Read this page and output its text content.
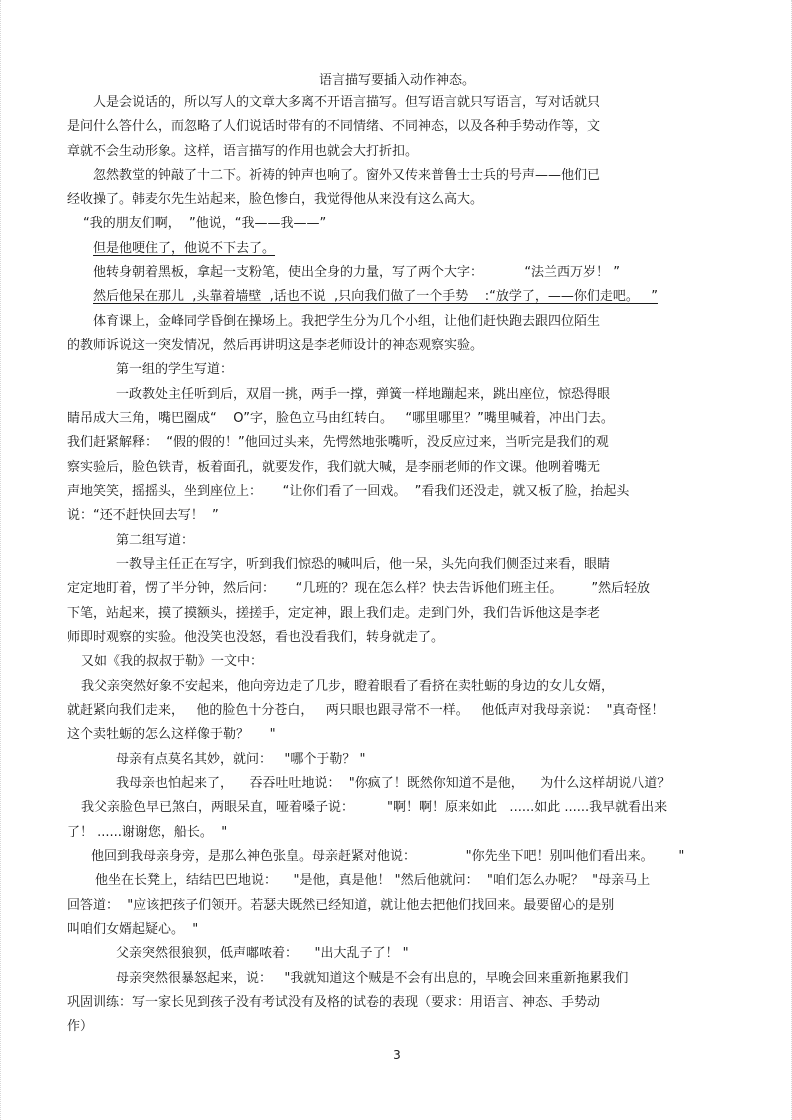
语言描写要插入动作神态。
人是会说话的，所以写人的文章大多离不开语言描写。但写语言就只写语言，写对话就只
是问什么答什么，而忽略了人们说话时带有的不同情绪、不同神态，以及各种手势动作等，文
章就不会生动形象。这样，语言描写的作用也就会大打折扣。
忽然教堂的钟敲了十二下。祈祷的钟声也响了。窗外又传来普鲁士士兵的号声——他们已
经收操了。韩麦尔先生站起来，脸色惨白，我觉得他从来没有这么高大。
“我的朋友们啊，  ”他说，“我——我——”
但是他哽住了，他说不下去了。
他转身朝着黑板，拿起一支粉笔，使出全身的力量，写了两个大字：          “法兰西万岁！ ”
然后他呆在那儿  ,头靠着墙壁  ,话也不说  ,只向我们做了一个手势    :“放学了，——你们走吧。   ”
体育课上，金峰同学昏倒在操场上。我把学生分为几个小组，让他们赶快跑去跟四位陌生
的教师诉说这一突发情况，然后再讲明这是李老师设计的神态观察实验。
第一组的学生写道：
一政教处主任听到后，双眉一挑，两手一撑，弹簧一样地蹦起来，跳出座位，惊恐得眼
睛吊成大三角，嘴巴圈成“    O”字，脸色立马由红转白。   “哪里哪里？”嘴里喊着，冲出门去。
我们赶紧解释：  “假的假的！”他回过头来，先愕然地张嘴听，没反应过来，当听完是我们的观
察实验后，脸色铁青，板着面孔，就要发作，我们就大喊，是李丽老师的作文课。他咧着嘴无
声地笑笑，摇摇头，坐到座位上：     “让你们看了一回戏。  ”看我们还没走，就又板了脸，抬起头
说：“还不赶快回去写！  ”
第二组写道：
一教导主任正在写字，听到我们惊恐的喊叫后，他一呆，头先向我们侧歪过来看，眼睛
定定地盯着，愣了半分钟，然后问：     “几班的？现在怎么样？快去告诉他们班主任。       ”然后轻放
下笔，站起来，摸了摸额头，搓搓手，定定神，跟上我们走。走到门外，我们告诉他这是李老
师即时观察的实验。他没笑也没怒，看也没看我们，转身就走了。
又如《我的叔叔于勒》一文中：
我父亲突然好象不安起来，他向旁边走了几步，瞪着眼看了看挤在卖牡蛎的身边的女儿女婿，
就赶紧向我们走来，   他的脸色十分苍白，   两只眼也跟寻常不一样。   他低声对我母亲说：  "真奇怪！
这个卖牡蛎的怎么这样像于勒？     "
母亲有点莫名其妙，就问：   "哪个于勒？ "
我母亲也怕起来了，    吞吞吐吐地说：  "你疯了！既然你知道不是他，    为什么这样胡说八道？
我父亲脸色早已煞白，两眼呆直，哑着嗓子说：        "啊！啊！原来如此   ......如此 ......我早就看出来
了！ ......谢谢您，船长。  "
他回到我母亲身旁，是那么神色张皇。母亲赶紧对他说：            "你先坐下吧！别叫他们看出来。      "
他坐在长凳上，结结巴巴地说：    "是他，真是他！ "然后他就问：  "咱们怎么办呢？  "母亲马上
回答道：  "应该把孩子们领开。若瑟夫既然已经知道，就让他去把他们找回来。最要留心的是别
叫咱们女婿起疑心。  "
父亲突然很狼狈，低声嘟哝着：    "出大乱子了！ "
母亲突然很暴怒起来，说：   "我就知道这个贼是不会有出息的，早晚会回来重新拖累我们
巩固训练：写一家长见到孩子没有考试没有及格的试卷的表现（要求：用语言、神态、手势动
作）
3
